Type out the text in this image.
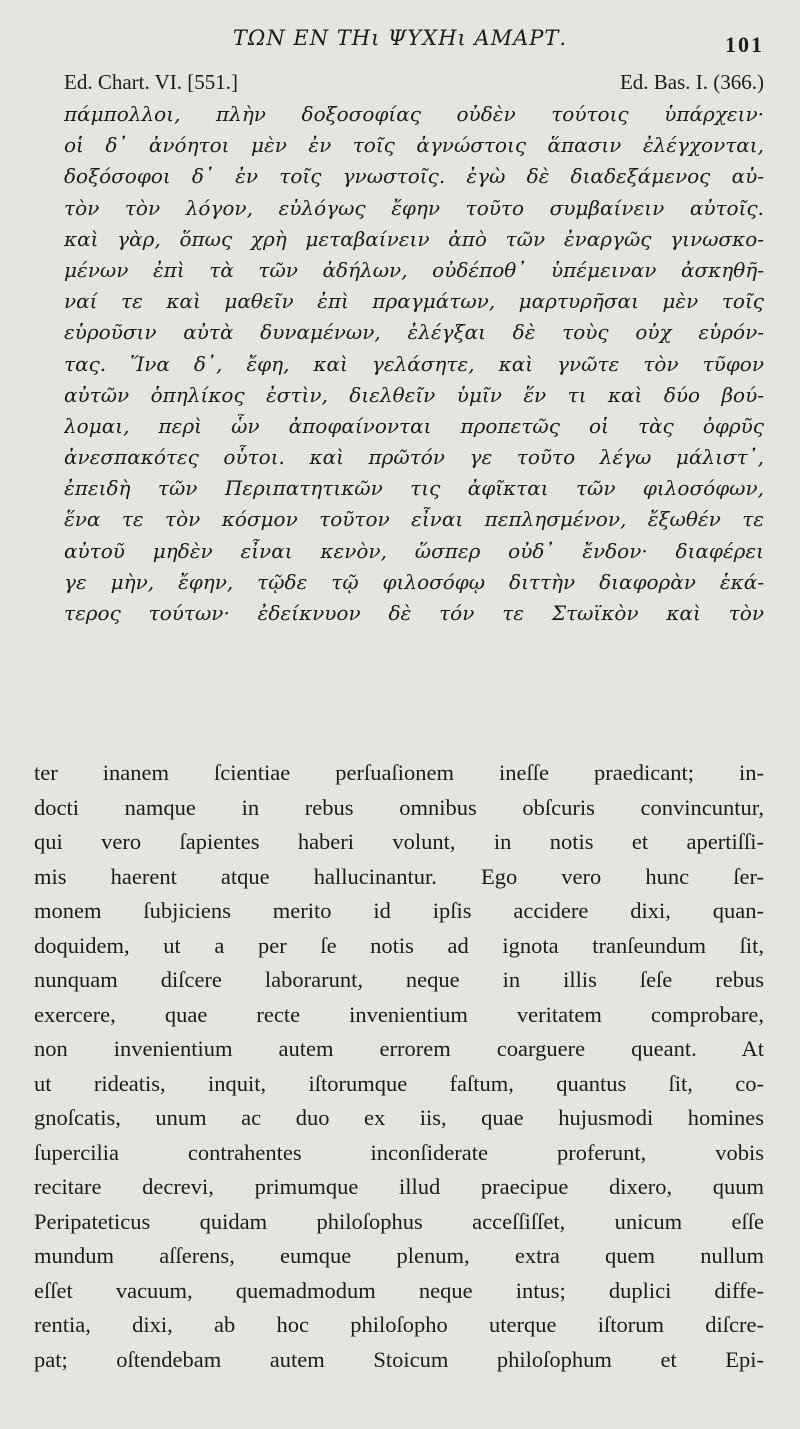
ΤΩΝ ΕΝ ΤΗι ΨΥΧΗι ΑΜΑΡΤ.	101
Ed. Chart. VI. [551.]	Ed. Bas. I. (366.)
πάμπολλοι, πλὴν δοξοσοφίας οὐδὲν τούτοις ὑπάρχειν·
οἱ δ᾽ ἀνόητοι μὲν ἐν τοῖς ἀγνώστοις ἅπασιν ἐλέγχονται,
δοξόσοφοι δ᾽ ἐν τοῖς γνωστοῖς. ἐγὼ δὲ διαδεξάμενος αὐ-
τὸν τὸν λόγον, εὐλόγως ἔφην τοῦτο συμβαίνειν αὐτοῖς.
καὶ γὰρ, ὅπως χρὴ μεταβαίνειν ἀπὸ τῶν ἐναργῶς γινωσκο-
μένων ἐπὶ τὰ τῶν ἀδήλων, οὐδέποθ᾽ ὑπέμειναν ἀσκηθῆ-
ναί τε καὶ μαθεῖν ἐπὶ πραγμάτων, μαρτυρῆσαι μὲν τοῖς
εὑροῦσιν αὐτὰ δυναμένων, ἐλέγξαι δὲ τοὺς οὐχ εὑρόν-
τας. Ἵνα δ᾽, ἔφη, καὶ γελάσητε, καὶ γνῶτε τὸν τῦφον
αὐτῶν ὁπηλίκος ἐστὶν, διελθεῖν ὑμῖν ἕν τι καὶ δύο βού-
λομαι, περὶ ὧν ἀποφαίνονται προπετῶς οἱ τὰς ὀφρῦς
ἀνεσπακότες οὗτοι. καὶ πρῶτόν γε τοῦτο λέγω μάλιστ᾽,
ἐπειδὴ τῶν Περιπατητικῶν τις ἀφῖκται τῶν φιλοσόφων,
ἕνα τε τὸν κόσμον τοῦτον εἶναι πεπλησμένον, ἔξωθέν τε
αὐτοῦ μηδὲν εἶναι κενὸν, ὥσπερ οὐδ᾽ ἔνδον· διαφέρει
γε μὴν, ἔφην, τῷδε τῷ φιλοσόφῳ διττὴν διαφορὰν ἑκά-
τερος τούτων· ἐδείκνυον δὲ τόν τε Στωϊκὸν καὶ τὸν
ter inanem ſcientiae perſuaſionem ineſſe praedicant; in-
docti namque in rebus omnibus obſcuris convincuntur,
qui vero ſapientes haberi volunt, in notis et apertiſſi-
mis haerent atque hallucinantur. Ego vero hunc ſer-
monem ſubjiciens merito id ipſis accidere dixi, quan-
doquidem, ut a per ſe notis ad ignota tranſeundum ſit,
nunquam diſcere laborarunt, neque in illis ſeſe rebus
exercere, quae recte invenientium veritatem comprobare,
non invenientium autem errorem coarguere queant. At
ut rideatis, inquit, iſtorumque faſtum, quantus ſit, co-
gnoſcatis, unum ac duo ex iis, quae hujusmodi homines
ſupercilia contrahentes inconſiderate proferunt, vobis
recitare decrevi, primumque illud praecipue dixero, quum
Peripateticus quidam philoſophus acceſſiſſet, unicum eſſe
mundum aſſerens, eumque plenum, extra quem nullum
eſſet vacuum, quemadmodum neque intus; duplici diffe-
rentia, dixi, ab hoc philoſopho uterque iſtorum diſcre-
pat; oſtendebam autem Stoicum philoſophum et Epi-
